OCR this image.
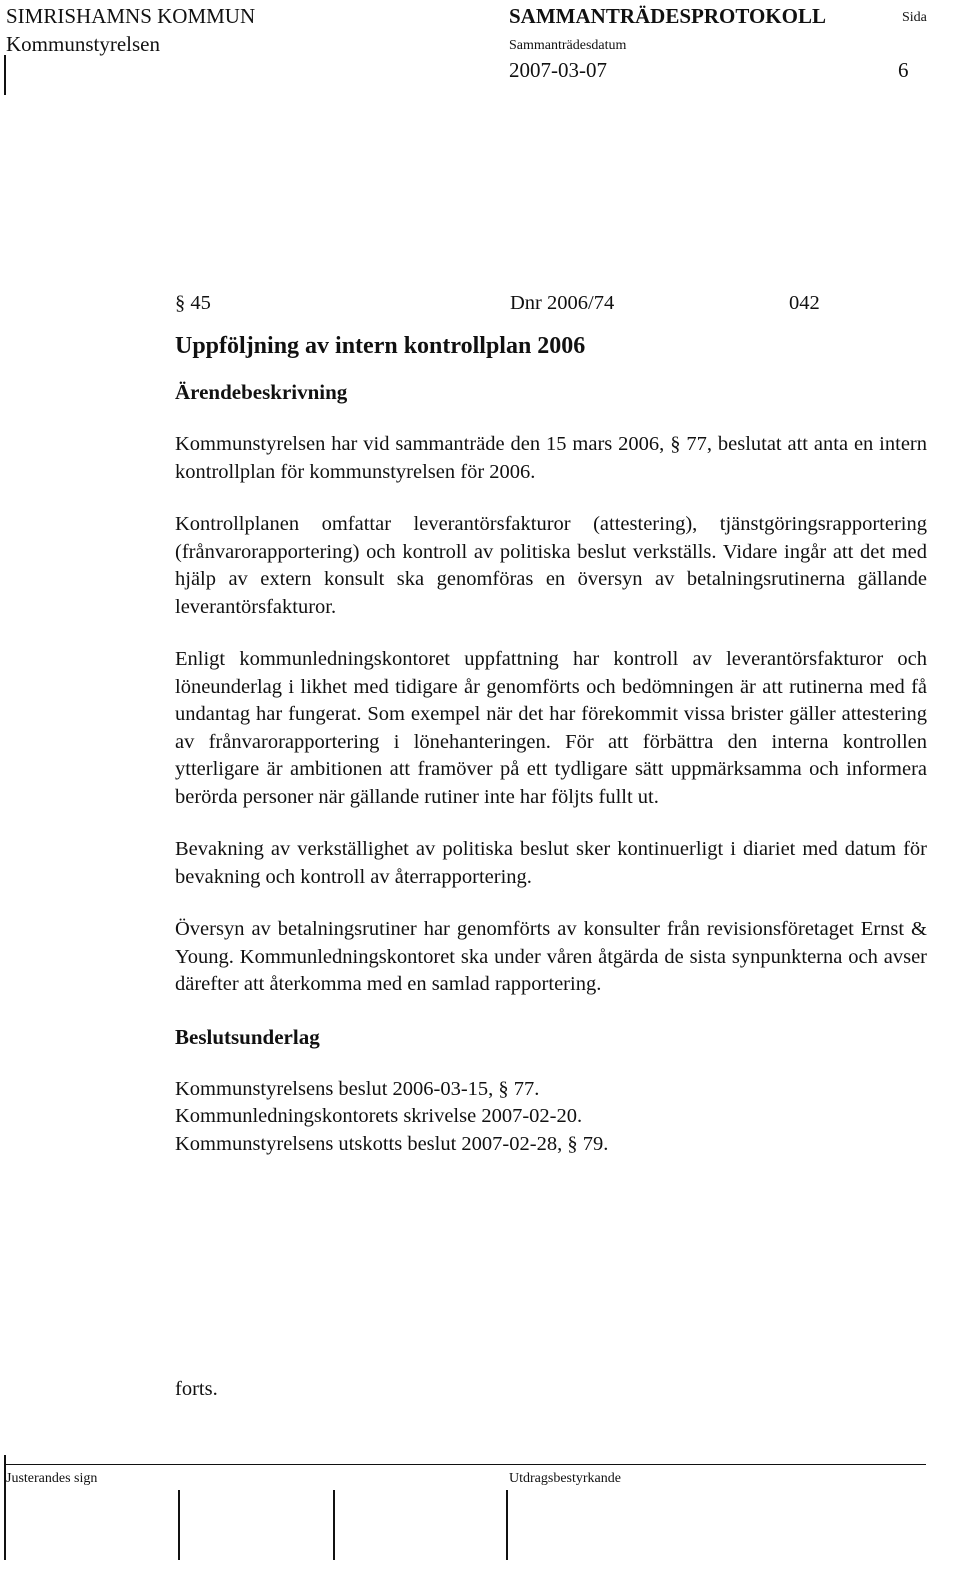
SIMRISHAMNS KOMMUN
Kommunstyrelsen
SAMMANTRÄDESPROTOKOLL
Sammanträdesdatum
2007-03-07
Sida
6
§ 45	Dnr 2006/74	042
Uppföljning av intern kontrollplan 2006
Ärendebeskrivning

Kommunstyrelsen har vid sammanträde den 15 mars 2006, § 77, beslutat att anta en intern kontrollplan för kommunstyrelsen för 2006.

Kontrollplanen omfattar leverantörsfakturor (attestering), tjänstgöringsrapportering (frånvarorapportering) och kontroll av politiska beslut verkställs. Vidare ingår att det med hjälp av extern konsult ska genomföras en översyn av betalningsrutinerna gällande leverantörsfakturor.

Enligt kommunledningskontoret uppfattning har kontroll av leverantörsfakturor och löneunderlag i likhet med tidigare år genomförts och bedömningen är att rutinerna med få undantag har fungerat. Som exempel när det har förekommit vissa brister gäller attestering av frånvarorapportering i lönehanteringen. För att förbättra den interna kontrollen ytterligare är ambitionen att framöver på ett tydligare sätt uppmärksamma och informera berörda personer när gällande rutiner inte har följts fullt ut.

Bevakning av verkställighet av politiska beslut sker kontinuerligt i diariet med datum för bevakning och kontroll av återrapportering.

Översyn av betalningsrutiner har genomförts av konsulter från revisionsföretaget Ernst & Young. Kommunledningskontoret ska under våren åtgärda de sista synpunkterna och avser därefter att återkomma med en samlad rapportering.

Beslutsunderlag
Kommunstyrelsens beslut 2006-03-15, § 77.
Kommunledningskontorets skrivelse 2007-02-20.
Kommunstyrelsens utskotts beslut 2007-02-28, § 79.
forts.
Justerandes sign	Utdragsbestyrkande
